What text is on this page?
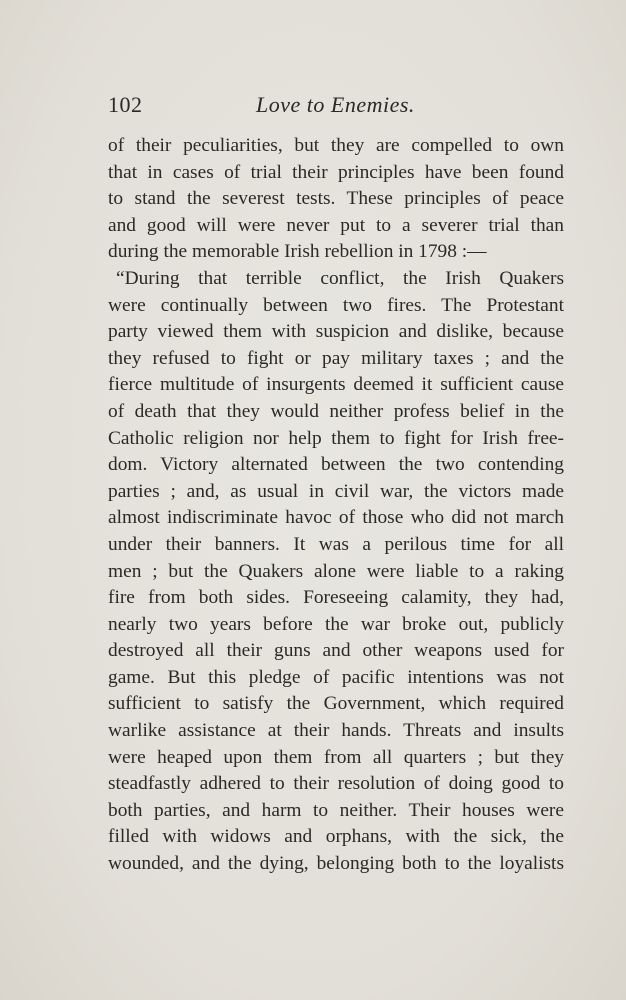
102	Love to Enemies.
of their peculiarities, but they are compelled to own
that in cases of trial their principles have been found
to stand the severest tests. These principles of peace
and good will were never put to a severer trial than
during the memorable Irish rebellion in 1798 :—
“During that terrible conflict, the Irish Quakers
were continually between two fires. The Protestant
party viewed them with suspicion and dislike, because
they refused to fight or pay military taxes ; and the
fierce multitude of insurgents deemed it sufficient cause
of death that they would neither profess belief in the
Catholic religion nor help them to fight for Irish free-
dom. Victory alternated between the two contending
parties ; and, as usual in civil war, the victors made
almost indiscriminate havoc of those who did not march
under their banners. It was a perilous time for all
men ; but the Quakers alone were liable to a raking
fire from both sides. Foreseeing calamity, they had,
nearly two years before the war broke out, publicly
destroyed all their guns and other weapons used for
game. But this pledge of pacific intentions was not
sufficient to satisfy the Government, which required
warlike assistance at their hands. Threats and insults
were heaped upon them from all quarters ; but they
steadfastly adhered to their resolution of doing good to
both parties, and harm to neither. Their houses were
filled with widows and orphans, with the sick, the
wounded, and the dying, belonging both to the loyalists
